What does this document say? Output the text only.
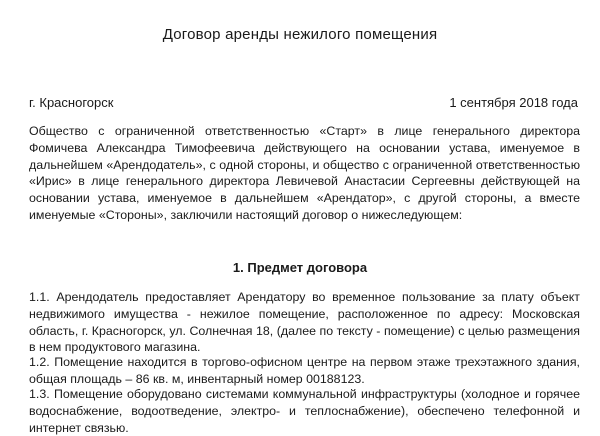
Договор аренды нежилого помещения
г. Красногорск	1 сентября 2018 года

Общество с ограниченной ответственностью «Старт» в лице генерального директора Фомичева Александра Тимофеевича действующего на основании устава, именуемое в дальнейшем «Арендодатель», с одной стороны, и общество с ограниченной ответственностью «Ирис» в лице генерального директора Левичевой Анастасии Сергеевны действующей на основании устава, именуемое в дальнейшем «Арендатор», с другой стороны, а вместе именуемые «Стороны», заключили настоящий договор о нижеследующем:

1. Предмет договора

1.1. Арендодатель предоставляет Арендатору во временное пользование за плату объект недвижимого имущества - нежилое помещение, расположенное по адресу: Московская область, г. Красногорск, ул. Солнечная 18, (далее по тексту - помещение) с целью размещения в нем продуктового магазина.

1.2. Помещение находится в торгово-офисном центре на первом этаже трехэтажного здания, общая площадь – 86 кв. м, инвентарный номер 00188123.

1.3. Помещение оборудовано системами коммунальной инфраструктуры (холодное и горячее водоснабжение, водоотведение, электро- и теплоснабжение), обеспечено телефонной и интернет связью.
